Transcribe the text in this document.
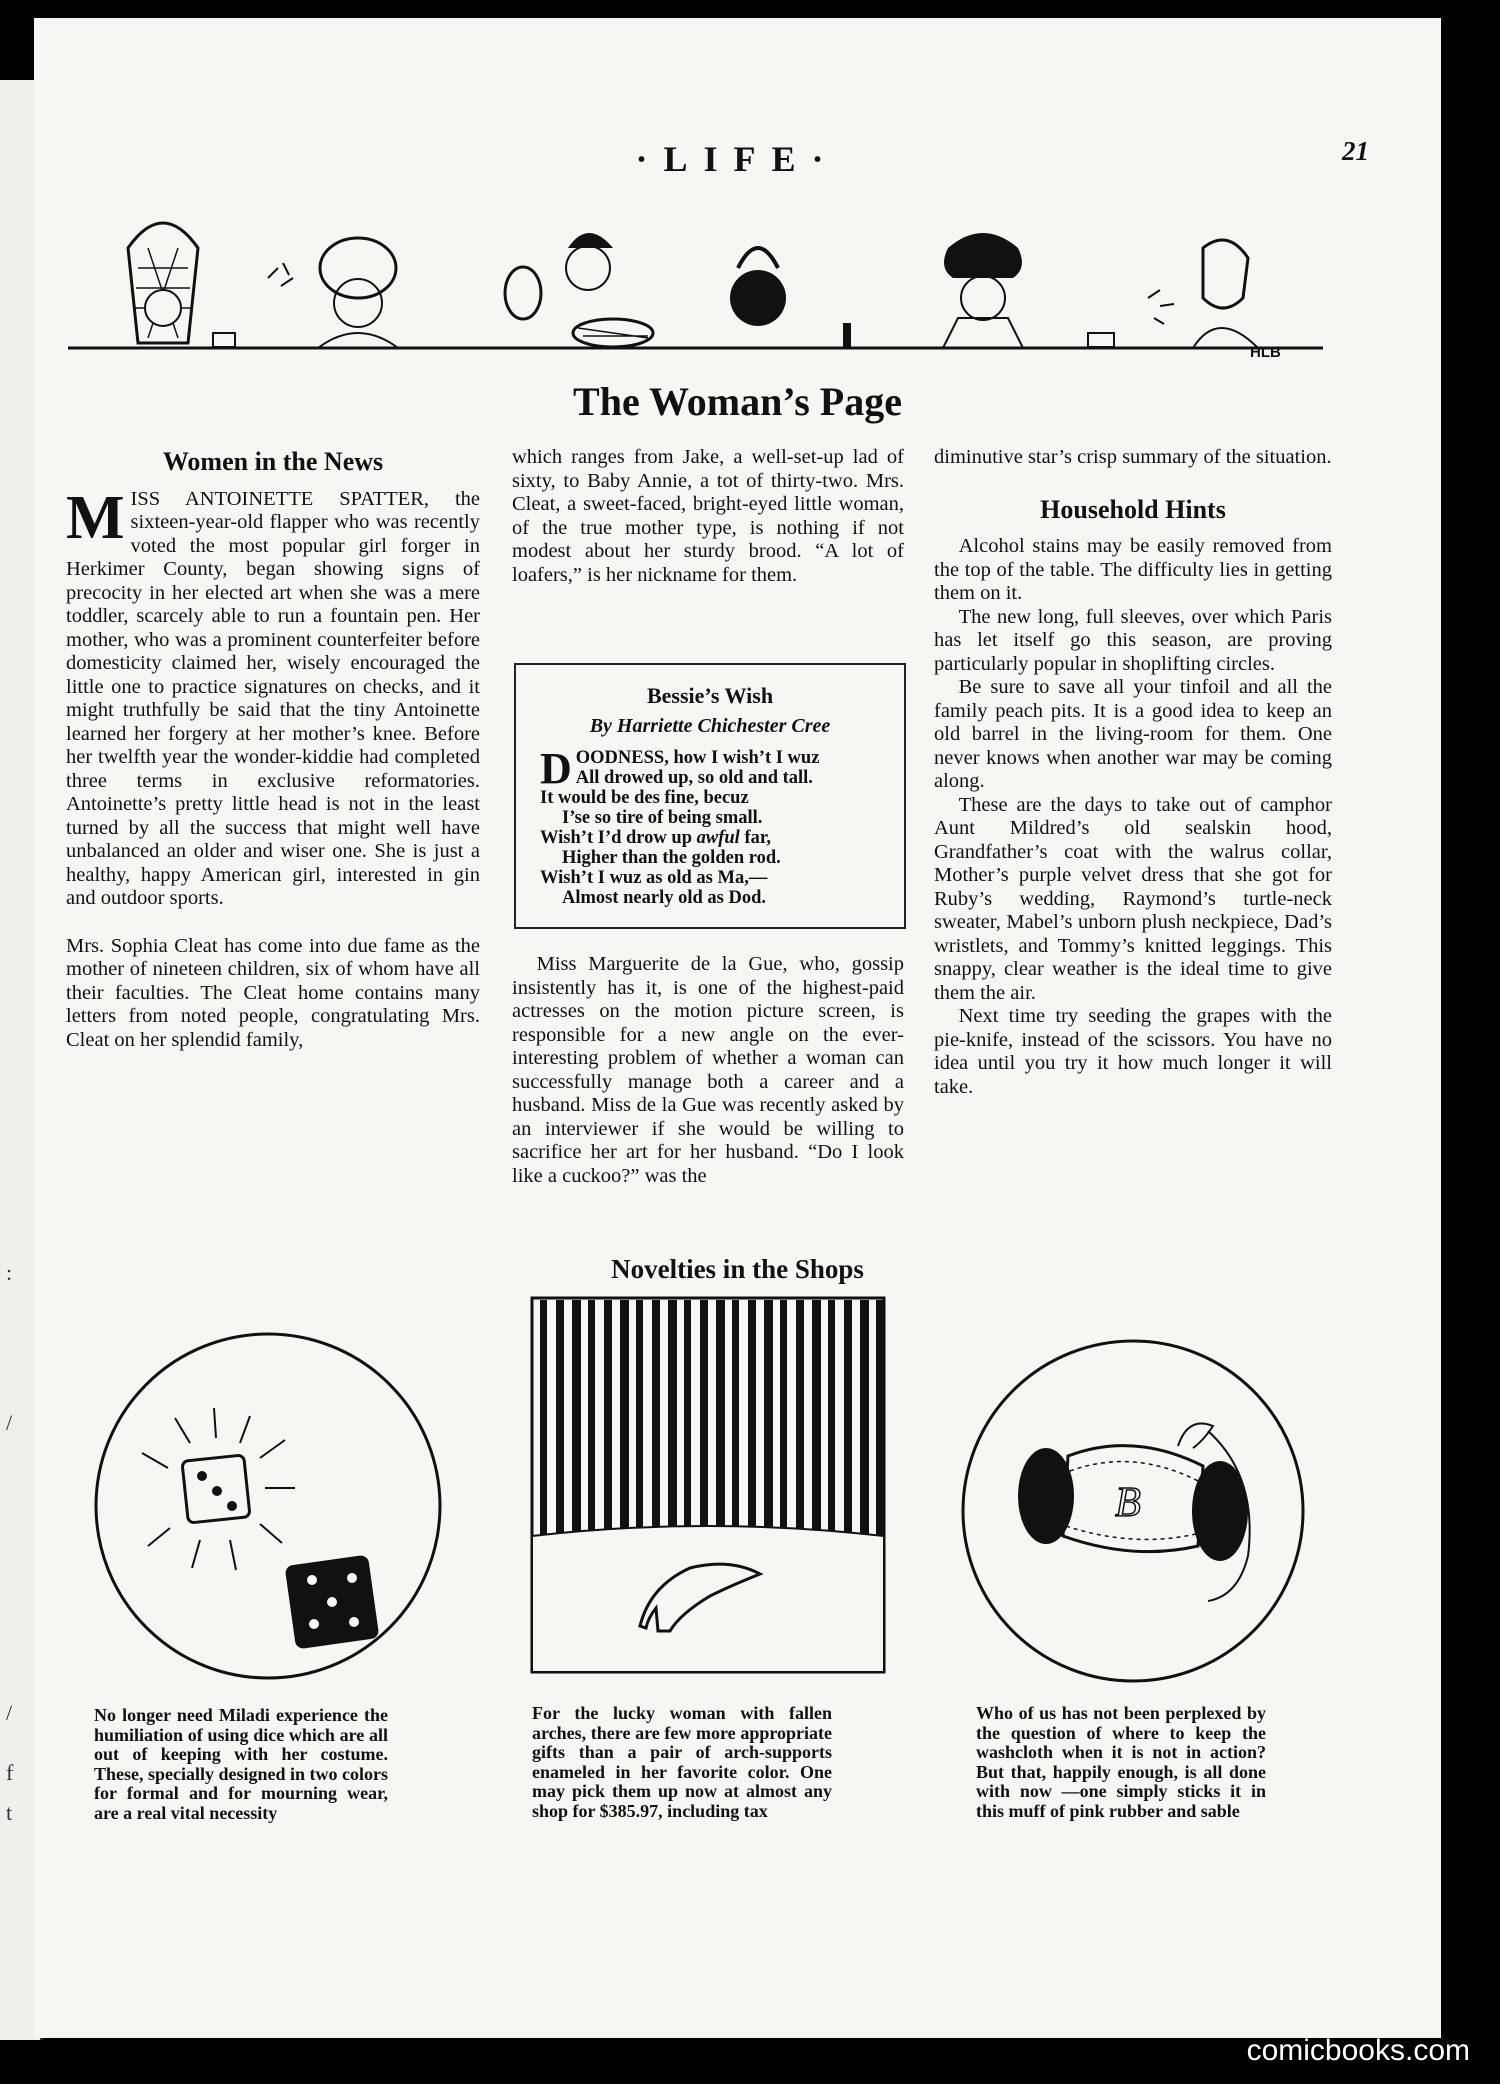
:
/
/
f
t
·LIFE·	21
HLB
The Woman’s Page
Women in the News

MISS ANTOINETTE SPATTER, the sixteen-year-old flapper who was recently voted the most popular girl forger in Herkimer County, began showing signs of precocity in her elected art when she was a mere toddler, scarcely able to run a fountain pen. Her mother, who was a prominent counterfeiter before domesticity claimed her, wisely encouraged the little one to practice signatures on checks, and it might truthfully be said that the tiny Antoinette learned her forgery at her mother’s knee. Before her twelfth year the wonder-kiddie had completed three terms in exclusive reformatories. Antoinette’s pretty little head is not in the least turned by all the success that might well have unbalanced an older and wiser one. She is just a healthy, happy American girl, interested in gin and outdoor sports.

Mrs. Sophia Cleat has come into due fame as the mother of nineteen children, six of whom have all their faculties. The Cleat home contains many letters from noted people, congratulating Mrs. Cleat on her splendid family,

which ranges from Jake, a well-set-up lad of sixty, to Baby Annie, a tot of thirty-two. Mrs. Cleat, a sweet-faced, bright-eyed little woman, of the true mother type, is nothing if not modest about her sturdy brood. “A lot of loafers,” is her nickname for them.

Bessie’s Wish
By Harriette Chichester Cree
DOODNESS, how I wish’t I wuz
All drowed up, so old and tall.
It would be des fine, becuz
I’se so tire of being small.
Wish’t I’d drow up awful far,
Higher than the golden rod.
Wish’t I wuz as old as Ma,—
Almost nearly old as Dod.

Miss Marguerite de la Gue, who, gossip insistently has it, is one of the highest-paid actresses on the motion picture screen, is responsible for a new angle on the ever-interesting problem of whether a woman can successfully manage both a career and a husband. Miss de la Gue was recently asked by an interviewer if she would be willing to sacrifice her art for her husband. “Do I look like a cuckoo?” was the

diminutive star’s crisp summary of the situation.

Household Hints

Alcohol stains may be easily removed from the top of the table. The difficulty lies in getting them on it.

The new long, full sleeves, over which Paris has let itself go this season, are proving particularly popular in shoplifting circles.

Be sure to save all your tinfoil and all the family peach pits. It is a good idea to keep an old barrel in the living-room for them. One never knows when another war may be coming along.

These are the days to take out of camphor Aunt Mildred’s old sealskin hood, Grandfather’s coat with the walrus collar, Mother’s purple velvet dress that she got for Ruby’s wedding, Raymond’s turtle-neck sweater, Mabel’s unborn plush neckpiece, Dad’s wristlets, and Tommy’s knitted leggings. This snappy, clear weather is the ideal time to give them the air.

Next time try seeding the grapes with the pie-knife, instead of the scissors. You have no idea until you try it how much longer it will take.

Novelties in the Shops
B
No longer need Miladi experience the humiliation of using dice which are all out of keeping with her costume. These, specially designed in two colors for formal and for mourning wear, are a real vital necessity
For the lucky woman with fallen arches, there are few more appropriate gifts than a pair of arch-supports enameled in her favorite color. One may pick them up now at almost any shop for $385.97, including tax
Who of us has not been perplexed by the question of where to keep the washcloth when it is not in action? But that, happily enough, is all done with now —one simply sticks it in this muff of pink rubber and sable
comicbooks.com
